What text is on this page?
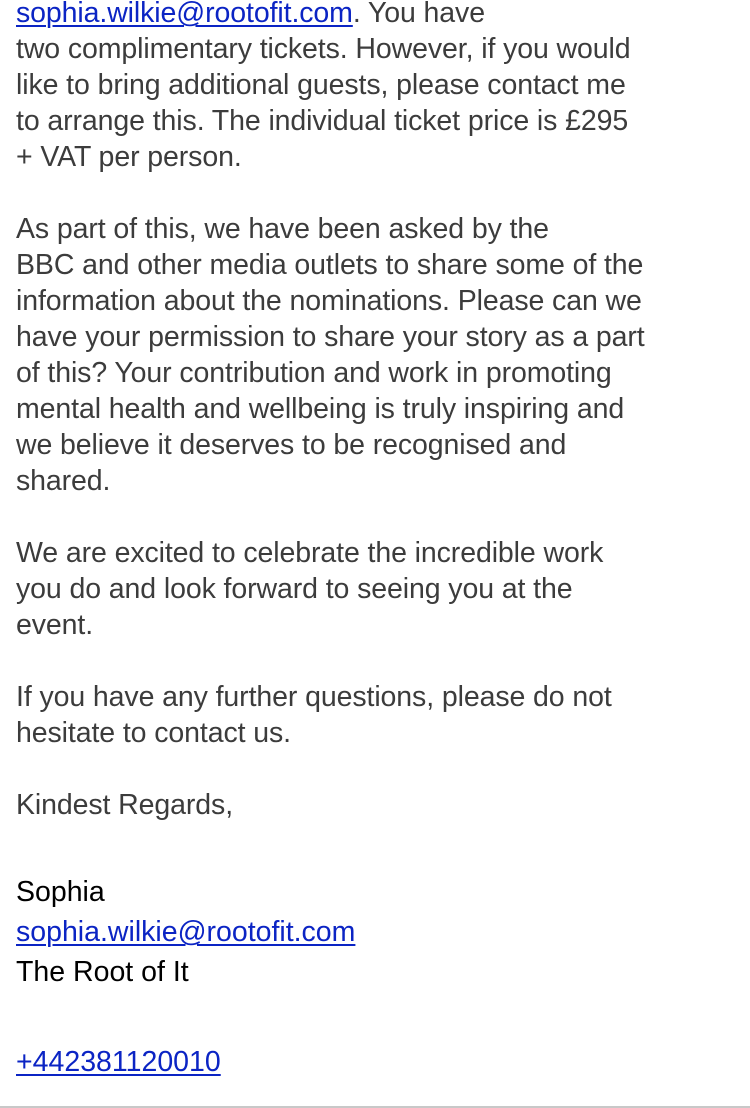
sophia.wilkie@rootofit.com. You have
two complimentary tickets. However, if you would
like to bring additional guests, please contact me
to arrange this. The individual ticket price is £295
+ VAT per person.

As part of this, we have been asked by the
BBC and other media outlets to share some of the
information about the nominations. Please can we
have your permission to share your story as a part
of this? Your contribution and work in promoting
mental health and wellbeing is truly inspiring and
we believe it deserves to be recognised and
shared.

We are excited to celebrate the incredible work
you do and look forward to seeing you at the
event.

If you have any further questions, please do not
hesitate to contact us.

Kindest Regards,

Sophia
sophia.wilkie@rootofit.com
The Root of It
+442381120010
